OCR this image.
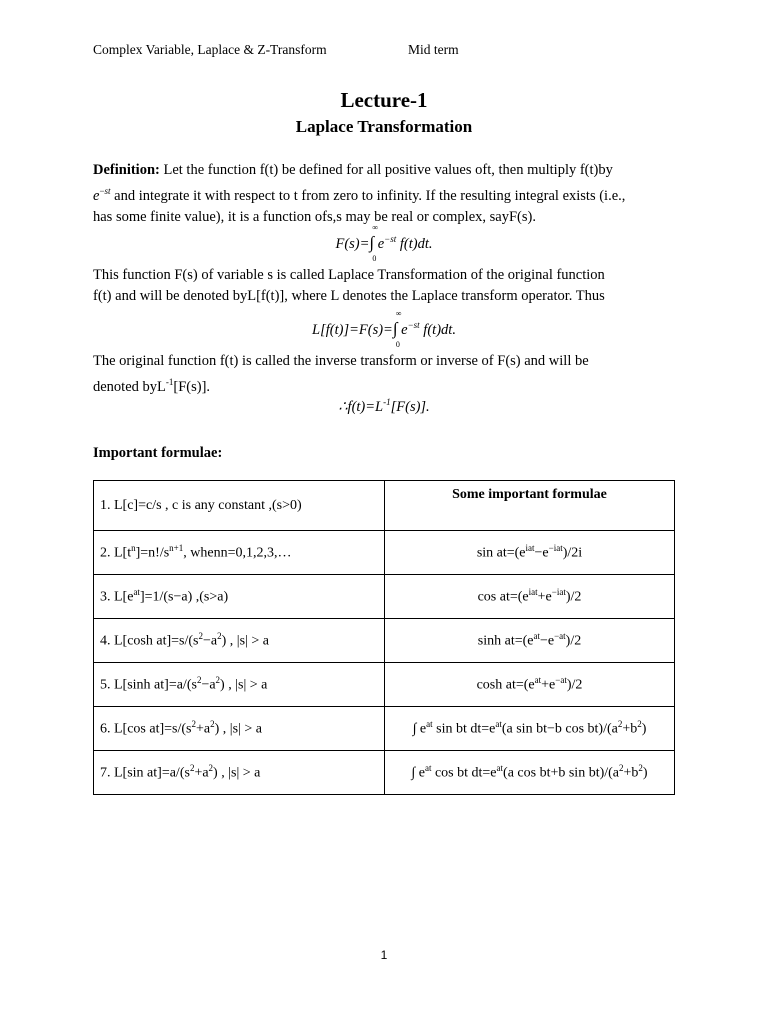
Complex Variable, Laplace & Z-Transform	Mid term
Lecture-1
Laplace Transformation
Definition: Let the function f(t) be defined for all positive values oft, then multiply f(t)by
$e^{-st}$ and integrate it with respect to t from zero to infinity. If the resulting integral exists (i.e.,
has some finite value), it is a function ofs,s may be real or complex, sayF(s).
F(s)=∫
∞
0
$e^{-st}$ f(t)dt.
This function F(s) of variable s is called Laplace Transformation of the original function
f(t) and will be denoted byL[f(t)], where L denotes the Laplace transform operator. Thus
L[f(t)]=F(s)=∫
∞
0
$e^{-st}$ f(t)dt.
The original function f(t) is called the inverse transform or inverse of F(s) and will be
denoted byL$^{-1}$[F(s)].
$\therefore f(t)=L^{-1}[F(s)]$.
Important formulae:
1. L[c]=c/s , c is any constant ,(s>0)	Some important formulae
2. $L[t^n]=n!/s^{n+1}$, whenn=0,1,2,3,…	$\sin at=(e^{iat}-e^{-iat})/2i$
3. $L[e^{at}]=1/(s-a)$ ,(s>a)	$\cos at=(e^{iat}+e^{-iat})/2$
4. L[cosh $at]=s/(s^2-a^2)$ , |s| > a	$\sinh at=(e^{at}-e^{-at})/2$
5. L[sinh $at]=a/(s^2-a^2)$ , |s| > a	$\cosh at=(e^{at}+e^{-at})/2$
6. L[cos $at]=s/(s^2+a^2)$ , |s| > a	∫ $e^{at}$ sin bt $dt=e^{at}(a$ sin bt−b $\cos bt)/(a^2+b^2)$
7. L[sin $at]=a/(s^2+a^2)$ , |s| > a	∫ $e^{at}$ cos bt $dt=e^{at}(a$ cos bt+b $\sin bt)/(a^2+b^2)$
1
